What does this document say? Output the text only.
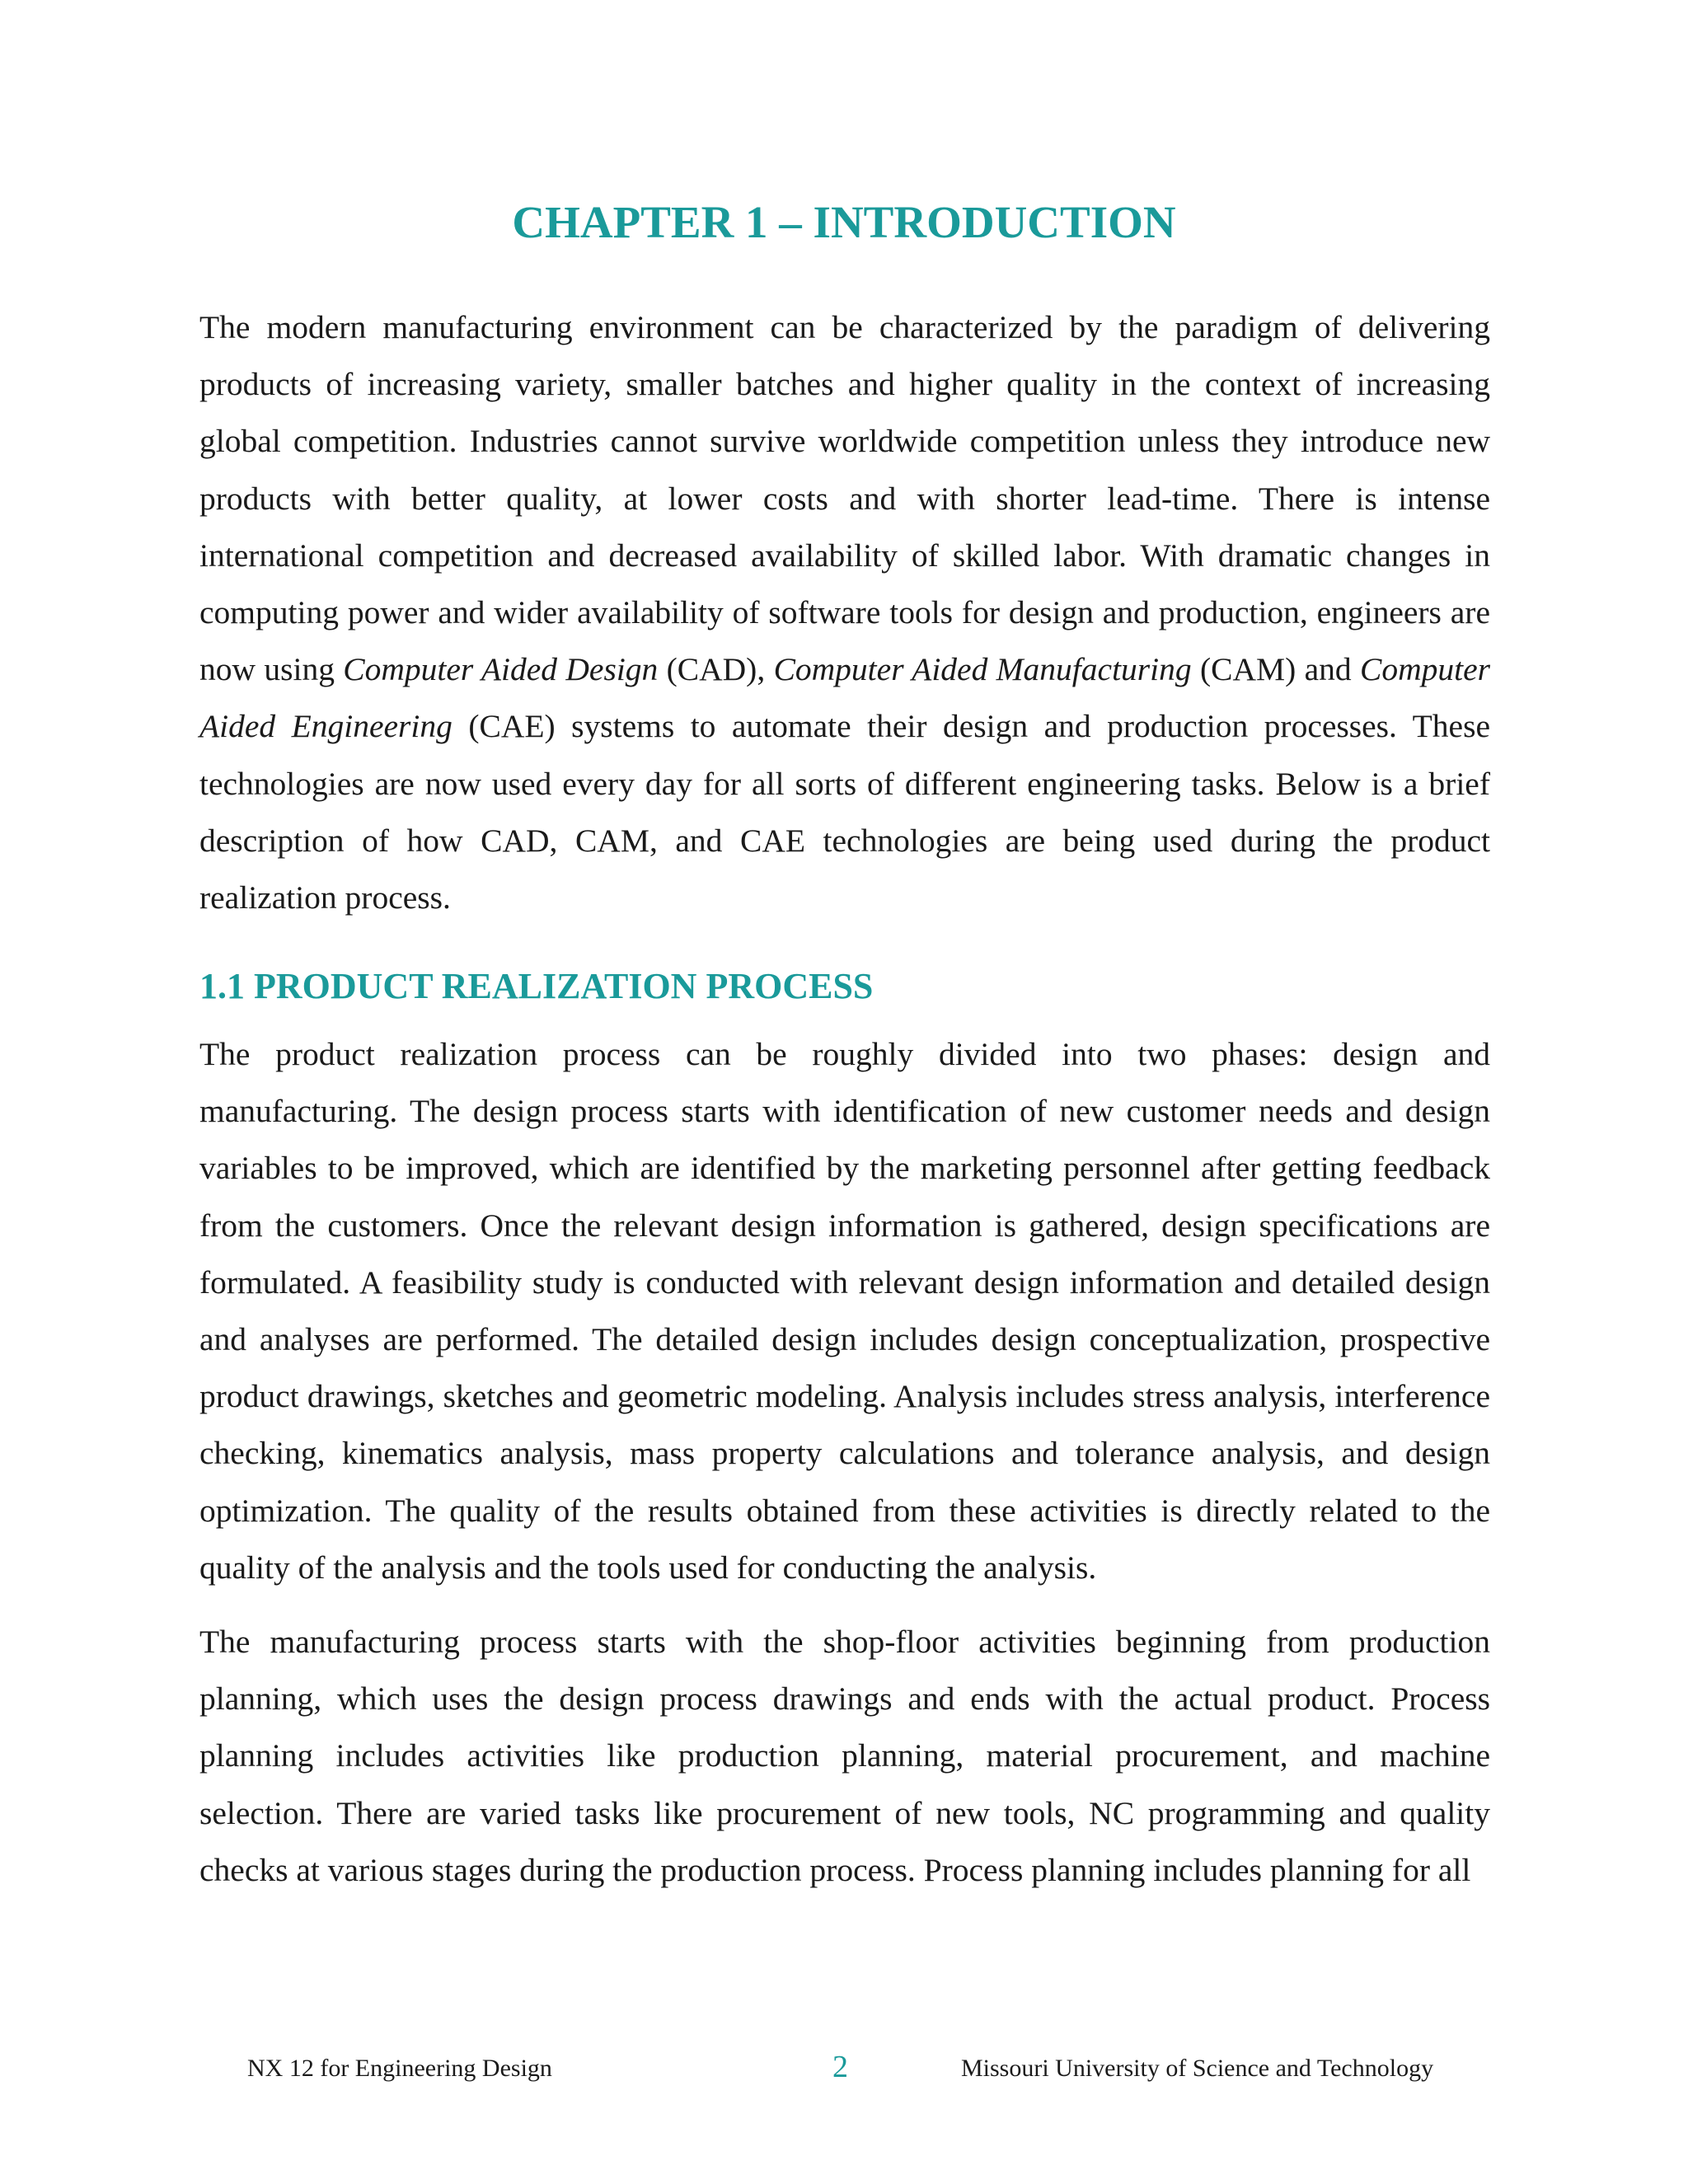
CHAPTER 1 – INTRODUCTION

The modern manufacturing environment can be characterized by the paradigm of delivering products of increasing variety, smaller batches and higher quality in the context of increasing global competition. Industries cannot survive worldwide competition unless they introduce new products with better quality, at lower costs and with shorter lead-time. There is intense international competition and decreased availability of skilled labor. With dramatic changes in computing power and wider availability of software tools for design and production, engineers are now using Computer Aided Design (CAD), Computer Aided Manufacturing (CAM) and Computer Aided Engineering (CAE) systems to automate their design and production processes. These technologies are now used every day for all sorts of different engineering tasks. Below is a brief description of how CAD, CAM, and CAE technologies are being used during the product realization process.

1.1 PRODUCT REALIZATION PROCESS

The product realization process can be roughly divided into two phases: design and manufacturing. The design process starts with identification of new customer needs and design variables to be improved, which are identified by the marketing personnel after getting feedback from the customers. Once the relevant design information is gathered, design specifications are formulated. A feasibility study is conducted with relevant design information and detailed design and analyses are performed. The detailed design includes design conceptualization, prospective product drawings, sketches and geometric modeling. Analysis includes stress analysis, interference checking, kinematics analysis, mass property calculations and tolerance analysis, and design optimization. The quality of the results obtained from these activities is directly related to the quality of the analysis and the tools used for conducting the analysis.

The manufacturing process starts with the shop-floor activities beginning from production planning, which uses the design process drawings and ends with the actual product. Process planning includes activities like production planning, material procurement, and machine selection. There are varied tasks like procurement of new tools, NC programming and quality checks at various stages during the production process. Process planning includes planning for all

NX 12 for Engineering Design	2	Missouri University of Science and Technology
